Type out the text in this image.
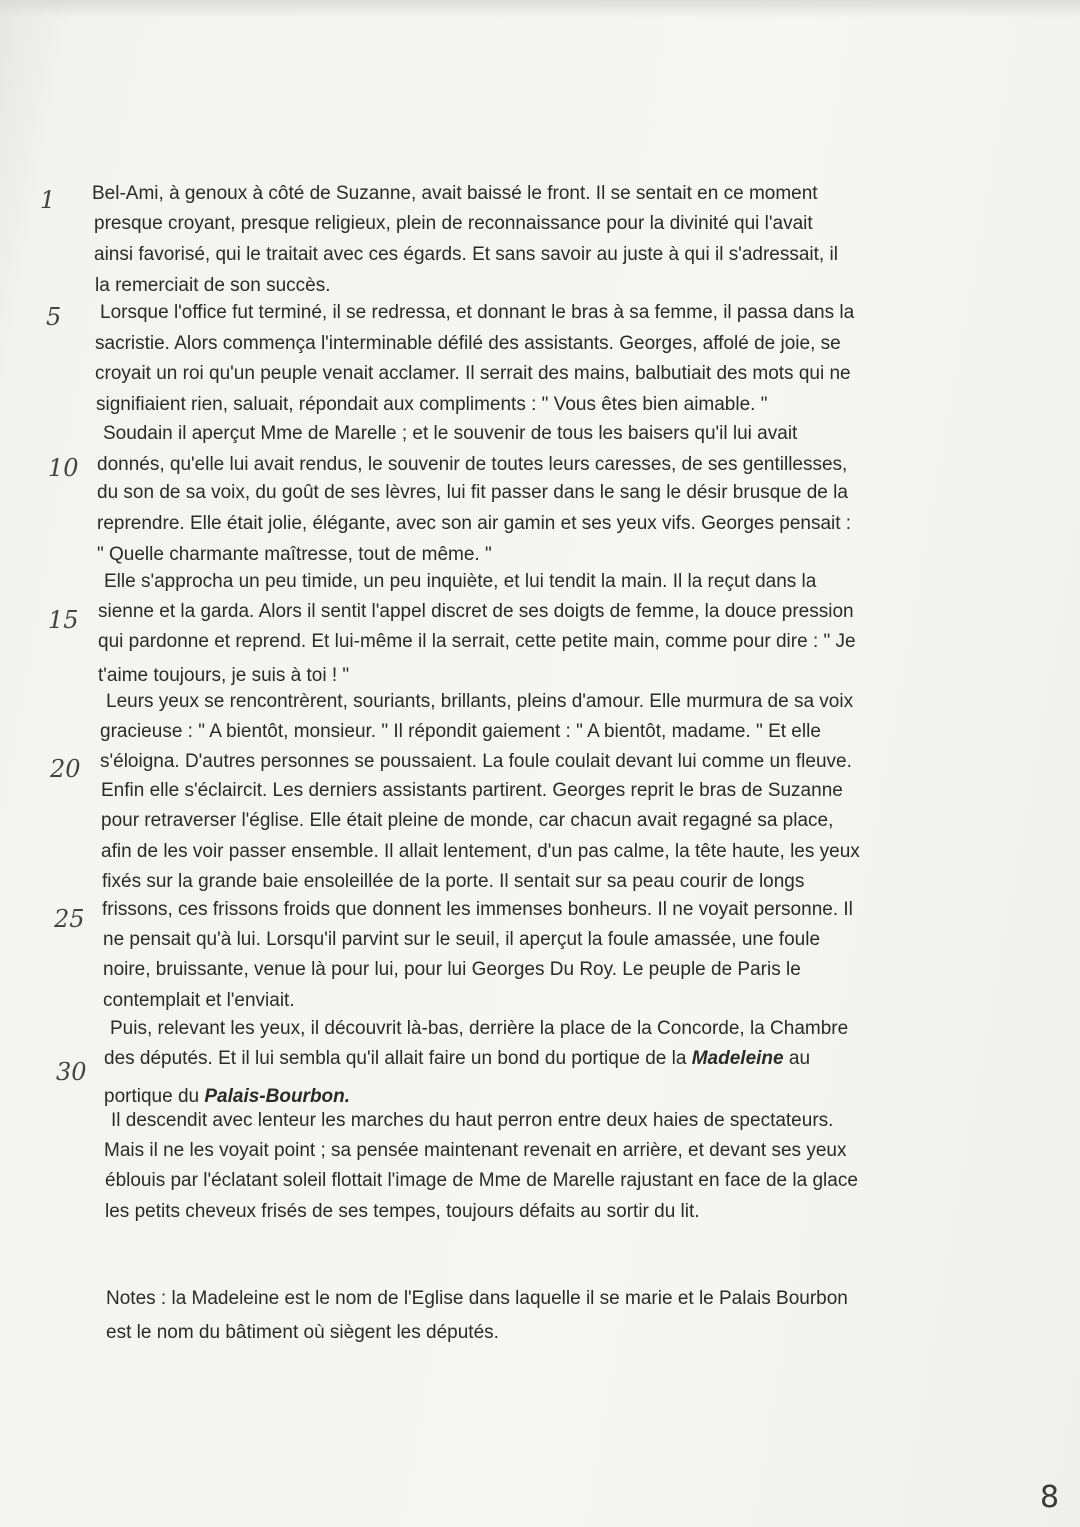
Bel-Ami, à genoux à côté de Suzanne, avait baissé le front. Il se sentait en ce moment
presque croyant, presque religieux, plein de reconnaissance pour la divinité qui l'avait
ainsi favorisé, qui le traitait avec ces égards. Et sans savoir au juste à qui il s'adressait, il
la remerciait de son succès.
Lorsque l'office fut terminé, il se redressa, et donnant le bras à sa femme, il passa dans la
sacristie. Alors commença l'interminable défilé des assistants. Georges, affolé de joie, se
croyait un roi qu'un peuple venait acclamer. Il serrait des mains, balbutiait des mots qui ne
signifiaient rien, saluait, répondait aux compliments : " Vous êtes bien aimable. "
Soudain il aperçut Mme de Marelle ; et le souvenir de tous les baisers qu'il lui avait
donnés, qu'elle lui avait rendus, le souvenir de toutes leurs caresses, de ses gentillesses,
du son de sa voix, du goût de ses lèvres, lui fit passer dans le sang le désir brusque de la
reprendre. Elle était jolie, élégante, avec son air gamin et ses yeux vifs. Georges pensait :
" Quelle charmante maîtresse, tout de même. "
Elle s'approcha un peu timide, un peu inquiète, et lui tendit la main. Il la reçut dans la
sienne et la garda. Alors il sentit l'appel discret de ses doigts de femme, la douce pression
qui pardonne et reprend. Et lui-même il la serrait, cette petite main, comme pour dire : " Je
t'aime toujours, je suis à toi ! "
Leurs yeux se rencontrèrent, souriants, brillants, pleins d'amour. Elle murmura de sa voix
gracieuse : " A bientôt, monsieur. " Il répondit gaiement : " A bientôt, madame. " Et elle
s'éloigna. D'autres personnes se poussaient. La foule coulait devant lui comme un fleuve.
Enfin elle s'éclaircit. Les derniers assistants partirent. Georges reprit le bras de Suzanne
pour retraverser l'église. Elle était pleine de monde, car chacun avait regagné sa place,
afin de les voir passer ensemble. Il allait lentement, d'un pas calme, la tête haute, les yeux
fixés sur la grande baie ensoleillée de la porte. Il sentait sur sa peau courir de longs
frissons, ces frissons froids que donnent les immenses bonheurs. Il ne voyait personne. Il
ne pensait qu'à lui. Lorsqu'il parvint sur le seuil, il aperçut la foule amassée, une foule
noire, bruissante, venue là pour lui, pour lui Georges Du Roy. Le peuple de Paris le
contemplait et l'enviait.
Puis, relevant les yeux, il découvrit là-bas, derrière la place de la Concorde, la Chambre
des députés. Et il lui sembla qu'il allait faire un bond du portique de la Madeleine au
portique du Palais-Bourbon.
Il descendit avec lenteur les marches du haut perron entre deux haies de spectateurs.
Mais il ne les voyait point ; sa pensée maintenant revenait en arrière, et devant ses yeux
éblouis par l'éclatant soleil flottait l'image de Mme de Marelle rajustant en face de la glace
les petits cheveux frisés de ses tempes, toujours défaits au sortir du lit.
Notes : la Madeleine est le nom de l'Eglise dans laquelle il se marie et le Palais Bourbon
est le nom du bâtiment où siègent les députés.
1
5
10
15
20
25
30
8
